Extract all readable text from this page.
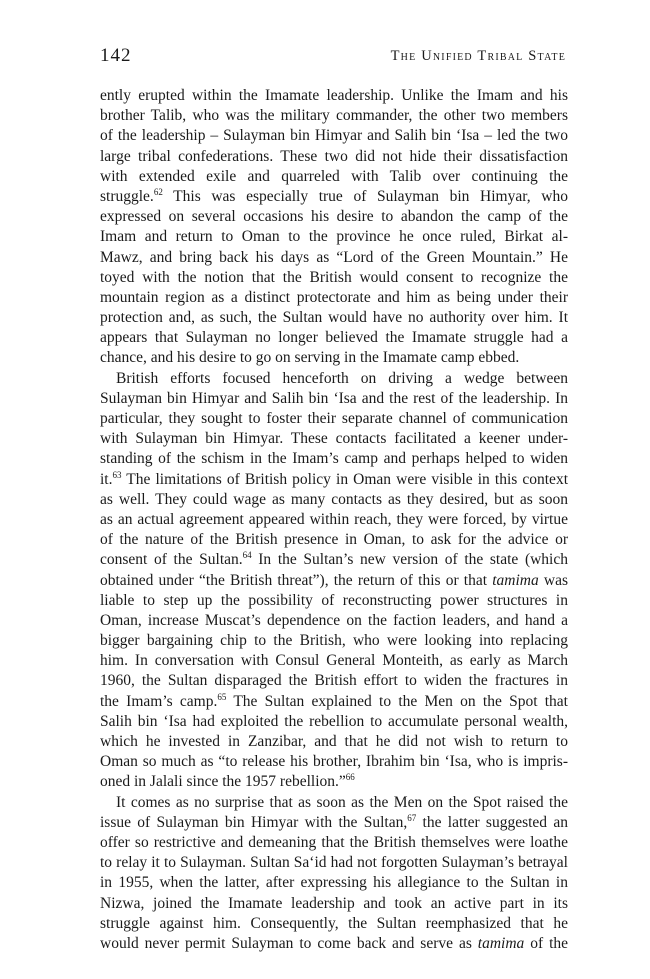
142	The Unified Tribal State
ently erupted within the Imamate leadership. Unlike the Imam and his
brother Talib, who was the military commander, the other two members
of the leadership – Sulayman bin Himyar and Salih bin ‘Isa – led the two
large tribal confederations. These two did not hide their dissatisfaction
with extended exile and quarreled with Talib over continuing the
struggle.$^{62}$ This was especially true of Sulayman bin Himyar, who
expressed on several occasions his desire to abandon the camp of the
Imam and return to Oman to the province he once ruled, Birkat al-
Mawz, and bring back his days as “Lord of the Green Mountain.” He
toyed with the notion that the British would consent to recognize the
mountain region as a distinct protectorate and him as being under their
protection and, as such, the Sultan would have no authority over him. It
appears that Sulayman no longer believed the Imamate struggle had a
chance, and his desire to go on serving in the Imamate camp ebbed.
British efforts focused henceforth on driving a wedge between
Sulayman bin Himyar and Salih bin ‘Isa and the rest of the leadership. In
particular, they sought to foster their separate channel of communication
with Sulayman bin Himyar. These contacts facilitated a keener under-
standing of the schism in the Imam’s camp and perhaps helped to widen
it.$^{63}$ The limitations of British policy in Oman were visible in this context
as well. They could wage as many contacts as they desired, but as soon
as an actual agreement appeared within reach, they were forced, by virtue
of the nature of the British presence in Oman, to ask for the advice or
consent of the Sultan.$^{64}$ In the Sultan’s new version of the state (which
obtained under “the British threat”), the return of this or that tamima was
liable to step up the possibility of reconstructing power structures in
Oman, increase Muscat’s dependence on the faction leaders, and hand a
bigger bargaining chip to the British, who were looking into replacing
him. In conversation with Consul General Monteith, as early as March
1960, the Sultan disparaged the British effort to widen the fractures in
the Imam’s camp.$^{65}$ The Sultan explained to the Men on the Spot that
Salih bin ‘Isa had exploited the rebellion to accumulate personal wealth,
which he invested in Zanzibar, and that he did not wish to return to
Oman so much as “to release his brother, Ibrahim bin ‘Isa, who is impris-
oned in Jalali since the 1957 rebellion.”$^{66}$
It comes as no surprise that as soon as the Men on the Spot raised the
issue of Sulayman bin Himyar with the Sultan,$^{67}$ the latter suggested an
offer so restrictive and demeaning that the British themselves were loathe
to relay it to Sulayman. Sultan Sa‘id had not forgotten Sulayman’s betrayal
in 1955, when the latter, after expressing his allegiance to the Sultan in
Nizwa, joined the Imamate leadership and took an active part in its
struggle against him. Consequently, the Sultan reemphasized that he
would never permit Sulayman to come back and serve as tamima of the
